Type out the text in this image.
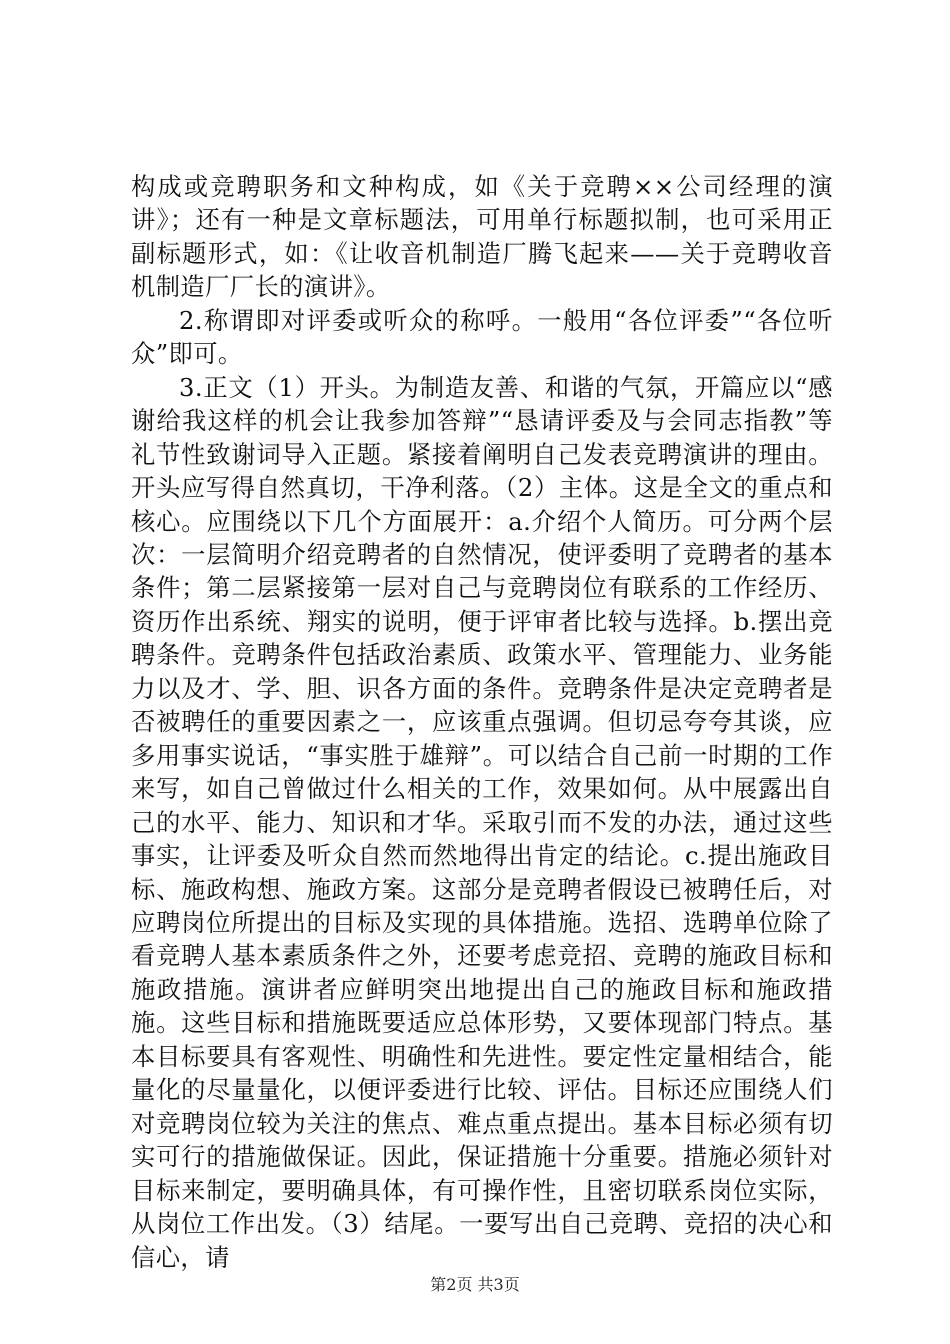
构成或竞聘职务和文种构成，如《关于竞聘××公司经理的演讲》；还有一种是文章标题法，可用单行标题拟制，也可采用正副标题形式，如：《让收音机制造厂腾飞起来——关于竞聘收音机制造厂厂长的演讲》。

2.称谓即对评委或听众的称呼。一般用“各位评委”“各位听众”即可。

3.正文（1）开头。为制造友善、和谐的气氛，开篇应以“感谢给我这样的机会让我参加答辩”“恳请评委及与会同志指教”等礼节性致谢词导入正题。紧接着阐明自己发表竞聘演讲的理由。开头应写得自然真切，干净利落。（2）主体。这是全文的重点和核心。应围绕以下几个方面展开：a.介绍个人简历。可分两个层次：一层简明介绍竞聘者的自然情况，使评委明了竞聘者的基本条件；第二层紧接第一层对自己与竞聘岗位有联系的工作经历、资历作出系统、翔实的说明，便于评审者比较与选择。b.摆出竞聘条件。竞聘条件包括政治素质、政策水平、管理能力、业务能力以及才、学、胆、识各方面的条件。竞聘条件是决定竞聘者是否被聘任的重要因素之一，应该重点强调。但切忌夸夸其谈，应多用事实说话，“事实胜于雄辩”。可以结合自己前一时期的工作来写，如自己曾做过什么相关的工作，效果如何。从中展露出自己的水平、能力、知识和才华。采取引而不发的办法，通过这些事实，让评委及听众自然而然地得出肯定的结论。c.提出施政目标、施政构想、施政方案。这部分是竞聘者假设已被聘任后，对应聘岗位所提出的目标及实现的具体措施。选招、选聘单位除了看竞聘人基本素质条件之外，还要考虑竞招、竞聘的施政目标和施政措施。演讲者应鲜明突出地提出自己的施政目标和施政措施。这些目标和措施既要适应总体形势，又要体现部门特点。基本目标要具有客观性、明确性和先进性。要定性定量相结合，能量化的尽量量化，以便评委进行比较、评估。目标还应围绕人们对竞聘岗位较为关注的焦点、难点重点提出。基本目标必须有切实可行的措施做保证。因此，保证措施十分重要。措施必须针对目标来制定，要明确具体，有可操作性，且密切联系岗位实际，从岗位工作出发。（3）结尾。一要写出自己竞聘、竞招的决心和信心，请

第2页 共3页
